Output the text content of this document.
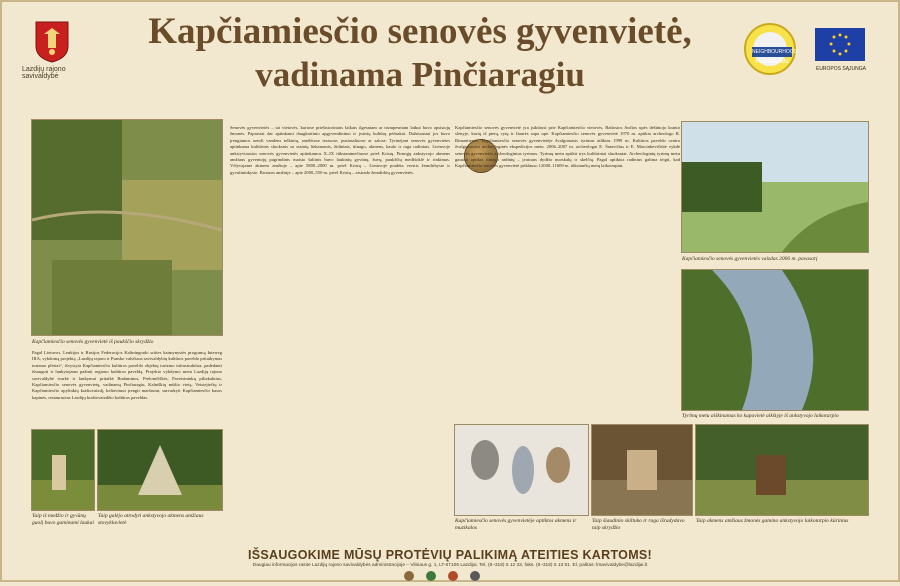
Lazdijų rajono savivaldybė
Kapčiamiesčio senovės gyvenvietė,
vadinama Pinčiaragiu
NEIGHBOURHOOD PROGRAMME
EUROPOS SĄJUNGA
Kapčiamiesčio senovės gyvenvietė iš paukščio skrydžio
Pagal Lietuvos, Lenkijos ir Rusijos Federacijos Kaliningrado srities kaimynystės programą Interreg IIIA, vykdomą projektą „Lazdijų rajono ir Punsko valsčiaus savivaldybių kultūros paveldo pritaikymas turizmo plėtrai“, išvystyta Kapčiamiesčio kultūros paveldo objektų turizmo infrastruktūra, padedanti išsaugoti ir lankytojams pažinti regiono kultūros paveldą. Projekto vykdymo metu Lazdijų rajono savivaldybė tvarkė ir lankymui pritaikė Rudaminos, Prelomčiškės, Paveisininkų piliakalnius, Kapčiamiesčio senovės gyvenvietę, vadinamą Pinčiaragiu, Kalniškių mūšio vietą, Veisiejiečių ir Kapčiamiesčio apylinkių kraštovaizdį, keliavimui įrengti maršrutai, sutvarkyti Kapčiamiesčio kasos kapinės, restauruotas Lazdijų kraštovaizdžio kultūros paveldas.
Taip iš medžio ir gyvūnų guolį buvo gaminami laukai
Taip galėjo atrodyti ankstyvojo akmens amžiaus stovyklavietė
Senovės gyvenvietės – tai vietovės, kuriose priešistoriniais laikais ilgesniam ar trumpesniam laikui buvo apsistoję žmonės. Paprastai dar aptinkami daugkartinio apgyvendinimo ir įvairių kultūrų pėdsakai. Dažniausiai jos buvo įrengiamos netoli vandens telkinių, smėlėtose terasose, pusiasaliuose ar salose. Tyrinėjant senovės gyvenvietes aptinkama kultūrinis sluoksnis su stainių liekanomis, židiniais, titnago, akmens, kaulo ir raga radiniais. Lietuvoje ankstyviausios senovės gyvenvietės aptinkamos X–IX tūkstantmečiuose prieš Kristų. Pirmųjų ankstyvojo akmens amžiaus gyventojų pagrindinis maisto šaltinis buvo laukinių gyvūnų, žuvų, paukščių medžioklė ir rinkimas. Vėlyvajame akmens amžiuje – apie 5800–2000 m. prieš Kristų – Lietuvoje pradėta verstis žemdirbyste ir gyvulininkyste. Bronzos amžiuje – apie 2000–550 m. prieš Kristų – atsirado žemdirbių gyvenvietės.
Kapčiamiesčio senovės gyvenvietė yra įsikūrusi prie Kapčiamiesčio vietovės, Baltosios Ančios upės dešiniojo kranto slėnyje, kurių iš pietų, rytų ir šiaurės supa upė. Kapčiamiesčio senovės gyvenvietė 1970 m. aptikta archeologo R. Rimantienės. Kapčiamiesčio senovės gyvenvietėje žvalgomasis tyrimas atliktas 1999 m. Kultūros paveldo centro žvalgomosios archeologinės ekspedicijos metu. 2006–2007 m. archeologai E. Šatavičius ir E. Marcinkevičiūtė vykdė senovės gyvenvietės archeologinius tyrimus. Tyrimų metu aptikti trys kultūriniai sluoksniai. Archeologinių tyrimų metu gausiai aptikta titnago radinių – įvairaus dydžio nuoskalų ir skelčių. Pagal aptiktus radinius galima teigti, kad Kapčiamiesčio senovės gyvenvietė priklauso 12000–11600 m. tūkstančių metų laikotarpiui.
Kapčiamiesčio senovės gyvenvietės vaizdas 2006 m. pavasarį
Tyrimų metu aiškinamas ko kapavietė aikštyje iš ankstyvojo laikotarpio
Kapčiamiesčio senovės gyvenvietėje aptiktos akmens ir muzikalos
Taip šiaudinio skiltuko ir raga išradydavo taip skrydžio
Taip akmens amžiaus žmonės gamino ankstyvojo laikotarpio kūrinius
IŠSAUGOKIME MŪSŲ PROTĖVIŲ PALIKIMĄ ATEITIES KARTOMS!
Daugiau informacijos rasite Lazdijų rajono savivaldybės administracijoje – Vilniaus g. 1, LT-67106 Lazdijai. Tel. (8–318) 5 12 33, faks. (8–318) 5 13 51. El. paštas: lrsavivaldybe@lazdijai.lt
